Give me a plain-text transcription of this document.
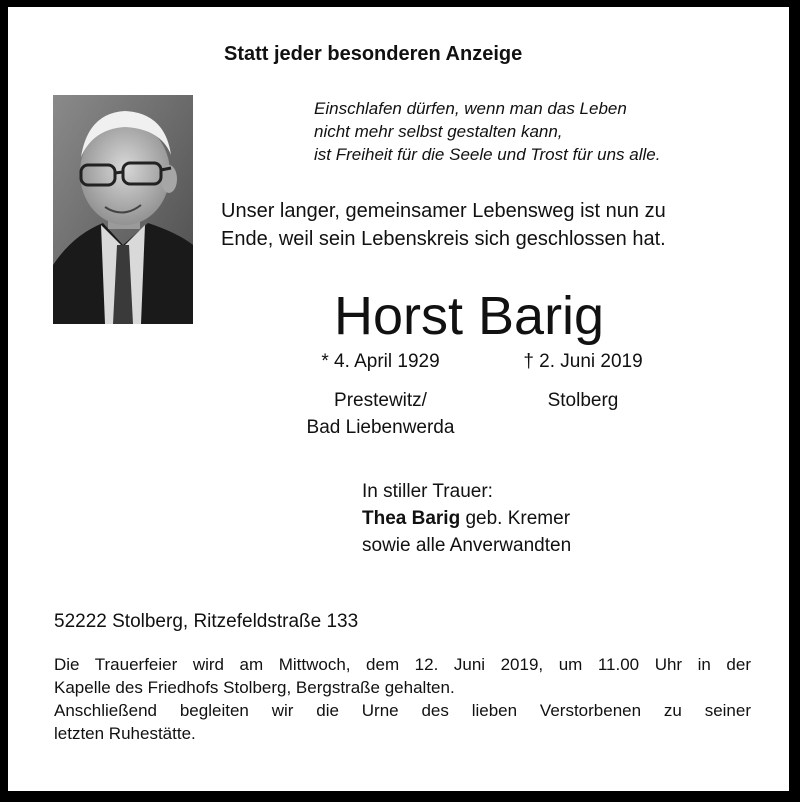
Statt jeder besonderen Anzeige
Einschlafen dürfen, wenn man das Leben
nicht mehr selbst gestalten kann,
ist Freiheit für die Seele und Trost für uns alle.
Unser langer, gemeinsamer Lebensweg ist nun zu
Ende, weil sein Lebenskreis sich geschlossen hat.
Horst Barig
* 4. April 1929
Prestewitz/
Bad Liebenwerda
† 2. Juni 2019
Stolberg
In stiller Trauer:
Thea Barig geb. Kremer
sowie alle Anverwandten
52222 Stolberg, Ritzefeldstraße 133
Die Trauerfeier wird am Mittwoch, dem 12. Juni 2019, um 11.00 Uhr in der
Kapelle des Friedhofs Stolberg, Bergstraße gehalten.
Anschließend begleiten wir die Urne des lieben Verstorbenen zu seiner
letzten Ruhestätte.
